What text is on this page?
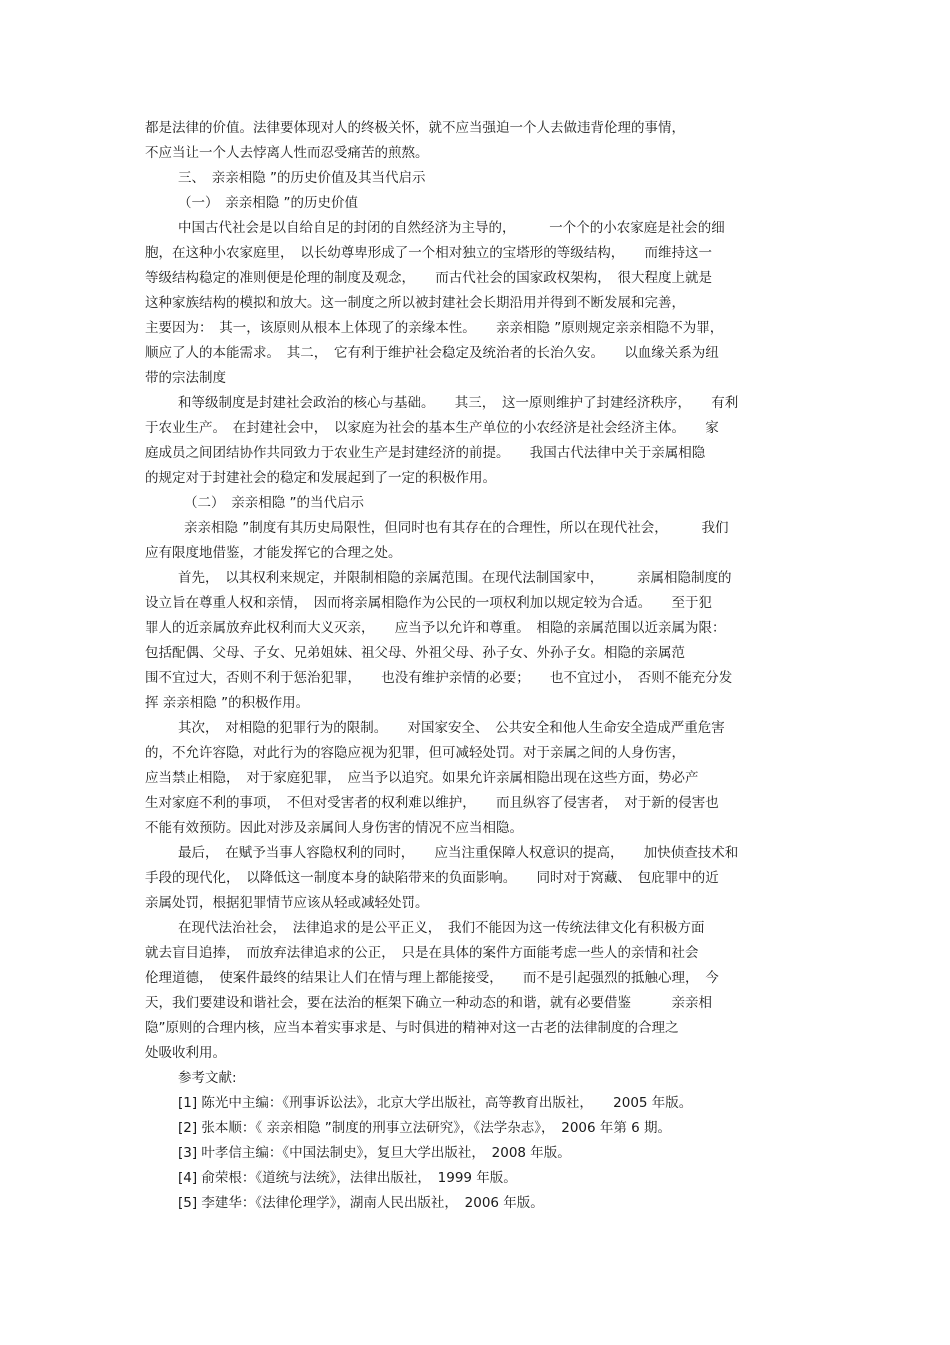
都是法律的价值。法律要体现对人的终极关怀，就不应当强迫一个人去做违背伦理的事情，
不应当让一个人去悖离人性而忍受痛苦的煎熬。
三、　亲亲相隐 ”的历史价值及其当代启示
（一）　亲亲相隐 ”的历史价值
中国古代社会是以自给自足的封闭的自然经济为主导的，　　　一个个的小农家庭是社会的细
胞，在这种小农家庭里，　以长幼尊卑形成了一个相对独立的宝塔形的等级结构，　　而维持这一
等级结构稳定的准则便是伦理的制度及观念，　　而古代社会的国家政权架构，　很大程度上就是
这种家族结构的模拟和放大。这一制度之所以被封建社会长期沿用并得到不断发展和完善，
主要因为：　其一，该原则从根本上体现了的亲缘本性。　　亲亲相隐 ”原则规定亲亲相隐不为罪，
顺应了人的本能需求。　其二，　它有利于维护社会稳定及统治者的长治久安。　　以血缘关系为纽
带的宗法制度
和等级制度是封建社会政治的核心与基础。　　其三，　这一原则维护了封建经济秩序，　　有利
于农业生产。　在封建社会中，　以家庭为社会的基本生产单位的小农经济是社会经济主体。　　家
庭成员之间团结协作共同致力于农业生产是封建经济的前提。　　我国古代法律中关于亲属相隐
的规定对于封建社会的稳定和发展起到了一定的积极作用。
（二）　亲亲相隐 ”的当代启示
亲亲相隐 ”制度有其历史局限性，但同时也有其存在的合理性，所以在现代社会，　　　我们
应有限度地借鉴，才能发挥它的合理之处。
首先，　以其权利来规定，并限制相隐的亲属范围。在现代法制国家中，　　　亲属相隐制度的
设立旨在尊重人权和亲情，　因而将亲属相隐作为公民的一项权利加以规定较为合适。　　至于犯
罪人的近亲属放弃此权利而大义灭亲，　　应当予以允许和尊重。　相隐的亲属范围以近亲属为限：
包括配偶、父母、子女、兄弟姐妹、祖父母、外祖父母、孙子女、外孙子女。相隐的亲属范
围不宜过大，否则不利于惩治犯罪，　　也没有维护亲情的必要；　　也不宜过小，　否则不能充分发
挥 亲亲相隐 ”的积极作用。
其次，　对相隐的犯罪行为的限制。　　对国家安全、　公共安全和他人生命安全造成严重危害
的，不允许容隐，对此行为的容隐应视为犯罪，但可减轻处罚。对于亲属之间的人身伤害，
应当禁止相隐，　对于家庭犯罪，　应当予以追究。如果允许亲属相隐出现在这些方面，势必产
生对家庭不利的事项，　不但对受害者的权利难以维护，　　而且纵容了侵害者，　对于新的侵害也
不能有效预防。因此对涉及亲属间人身伤害的情况不应当相隐。
最后，　在赋予当事人容隐权利的同时，　　应当注重保障人权意识的提高，　　加快侦查技术和
手段的现代化，　以降低这一制度本身的缺陷带来的负面影响。　　同时对于窝藏、　包庇罪中的近
亲属处罚，根据犯罪情节应该从轻或减轻处罚。
在现代法治社会，　法律追求的是公平正义，　我们不能因为这一传统法律文化有积极方面
就去盲目追捧，　而放弃法律追求的公正，　只是在具体的案件方面能考虑一些人的亲情和社会
伦理道德，　使案件最终的结果让人们在情与理上都能接受，　　而不是引起强烈的抵触心理，　今
天，我们要建设和谐社会，要在法治的框架下确立一种动态的和谐，就有必要借鉴　　　亲亲相
隐”原则的合理内核，应当本着实事求是、与时俱进的精神对这一古老的法律制度的合理之
处吸收利用。
参考文献:
[1] 陈光中主编：《刑事诉讼法》，北京大学出版社，高等教育出版社，　　2005 年版。
[2] 张本顺：《 亲亲相隐 ”制度的刑事立法研究》，《法学杂志》，　2006 年第 6 期。
[3] 叶孝信主编：《中国法制史》，复旦大学出版社，　2008 年版。
[4] 俞荣根：《道统与法统》，法律出版社，　1999 年版。
[5] 李建华：《法律伦理学》，湖南人民出版社，　2006 年版。
